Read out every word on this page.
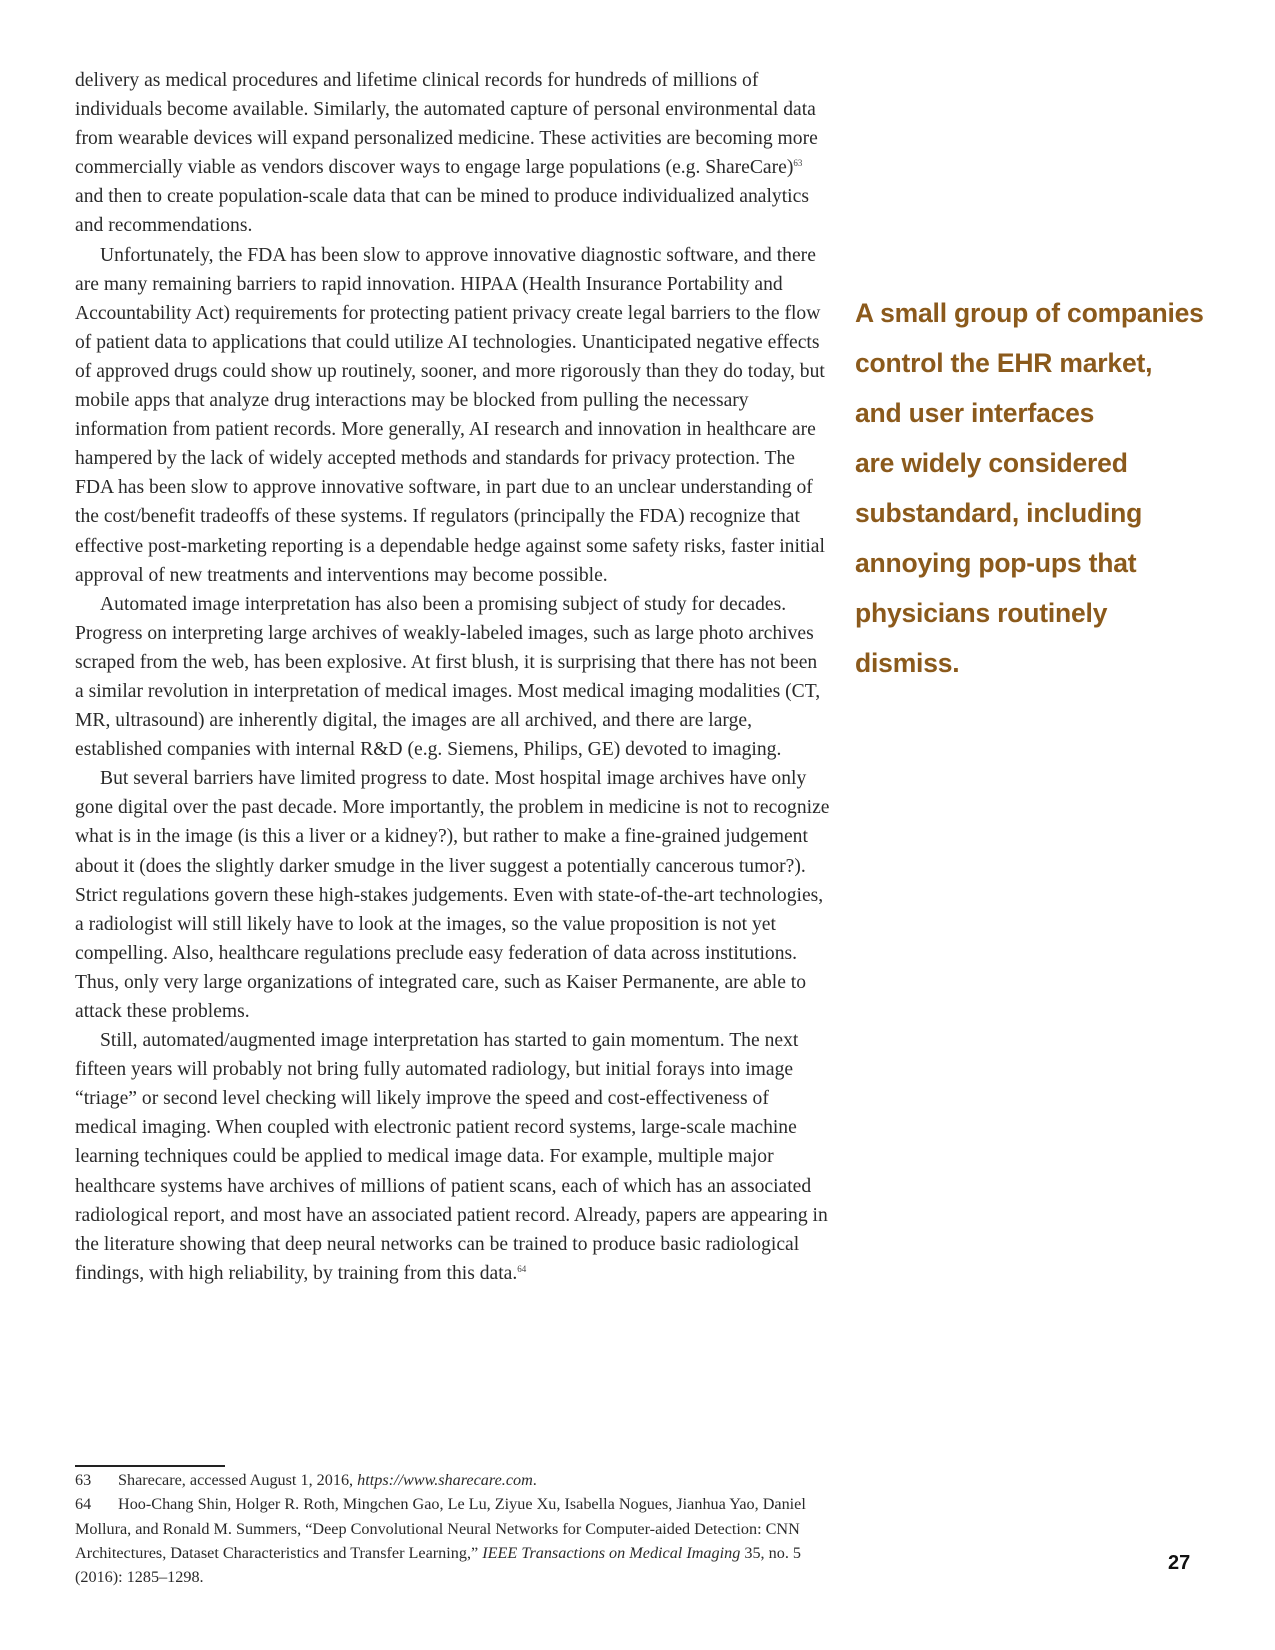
delivery as medical procedures and lifetime clinical records for hundreds of millions of individuals become available. Similarly, the automated capture of personal environmental data from wearable devices will expand personalized medicine. These activities are becoming more commercially viable as vendors discover ways to engage large populations (e.g. ShareCare)$^{63}$ and then to create population-scale data that can be mined to produce individualized analytics and recommendations.

Unfortunately, the FDA has been slow to approve innovative diagnostic software, and there are many remaining barriers to rapid innovation. HIPAA (Health Insurance Portability and Accountability Act) requirements for protecting patient privacy create legal barriers to the flow of patient data to applications that could utilize AI technologies. Unanticipated negative effects of approved drugs could show up routinely, sooner, and more rigorously than they do today, but mobile apps that analyze drug interactions may be blocked from pulling the necessary information from patient records. More generally, AI research and innovation in healthcare are hampered by the lack of widely accepted methods and standards for privacy protection. The FDA has been slow to approve innovative software, in part due to an unclear understanding of the cost/benefit tradeoffs of these systems. If regulators (principally the FDA) recognize that effective post-marketing reporting is a dependable hedge against some safety risks, faster initial approval of new treatments and interventions may become possible.

Automated image interpretation has also been a promising subject of study for decades. Progress on interpreting large archives of weakly-labeled images, such as large photo archives scraped from the web, has been explosive. At first blush, it is surprising that there has not been a similar revolution in interpretation of medical images. Most medical imaging modalities (CT, MR, ultrasound) are inherently digital, the images are all archived, and there are large, established companies with internal R&D (e.g. Siemens, Philips, GE) devoted to imaging.

But several barriers have limited progress to date. Most hospital image archives have only gone digital over the past decade. More importantly, the problem in medicine is not to recognize what is in the image (is this a liver or a kidney?), but rather to make a fine-grained judgement about it (does the slightly darker smudge in the liver suggest a potentially cancerous tumor?). Strict regulations govern these high-stakes judgements. Even with state-of-the-art technologies, a radiologist will still likely have to look at the images, so the value proposition is not yet compelling. Also, healthcare regulations preclude easy federation of data across institutions. Thus, only very large organizations of integrated care, such as Kaiser Permanente, are able to attack these problems.

Still, automated/augmented image interpretation has started to gain momentum. The next fifteen years will probably not bring fully automated radiology, but initial forays into image “triage” or second level checking will likely improve the speed and cost-effectiveness of medical imaging. When coupled with electronic patient record systems, large-scale machine learning techniques could be applied to medical image data. For example, multiple major healthcare systems have archives of millions of patient scans, each of which has an associated radiological report, and most have an associated patient record. Already, papers are appearing in the literature showing that deep neural networks can be trained to produce basic radiological findings, with high reliability, by training from this data.$^{64}$

A small group of companies
control the EHR market,
and user interfaces
are widely considered
substandard, including
annoying pop-ups that
physicians routinely
dismiss.

63 Sharecare, accessed August 1, 2016, https://www.sharecare.com.

64 Hoo-Chang Shin, Holger R. Roth, Mingchen Gao, Le Lu, Ziyue Xu, Isabella Nogues, Jianhua Yao, Daniel Mollura, and Ronald M. Summers, “Deep Convolutional Neural Networks for Computer-aided Detection: CNN Architectures, Dataset Characteristics and Transfer Learning,” IEEE Transactions on Medical Imaging 35, no. 5 (2016): 1285–1298.

27
